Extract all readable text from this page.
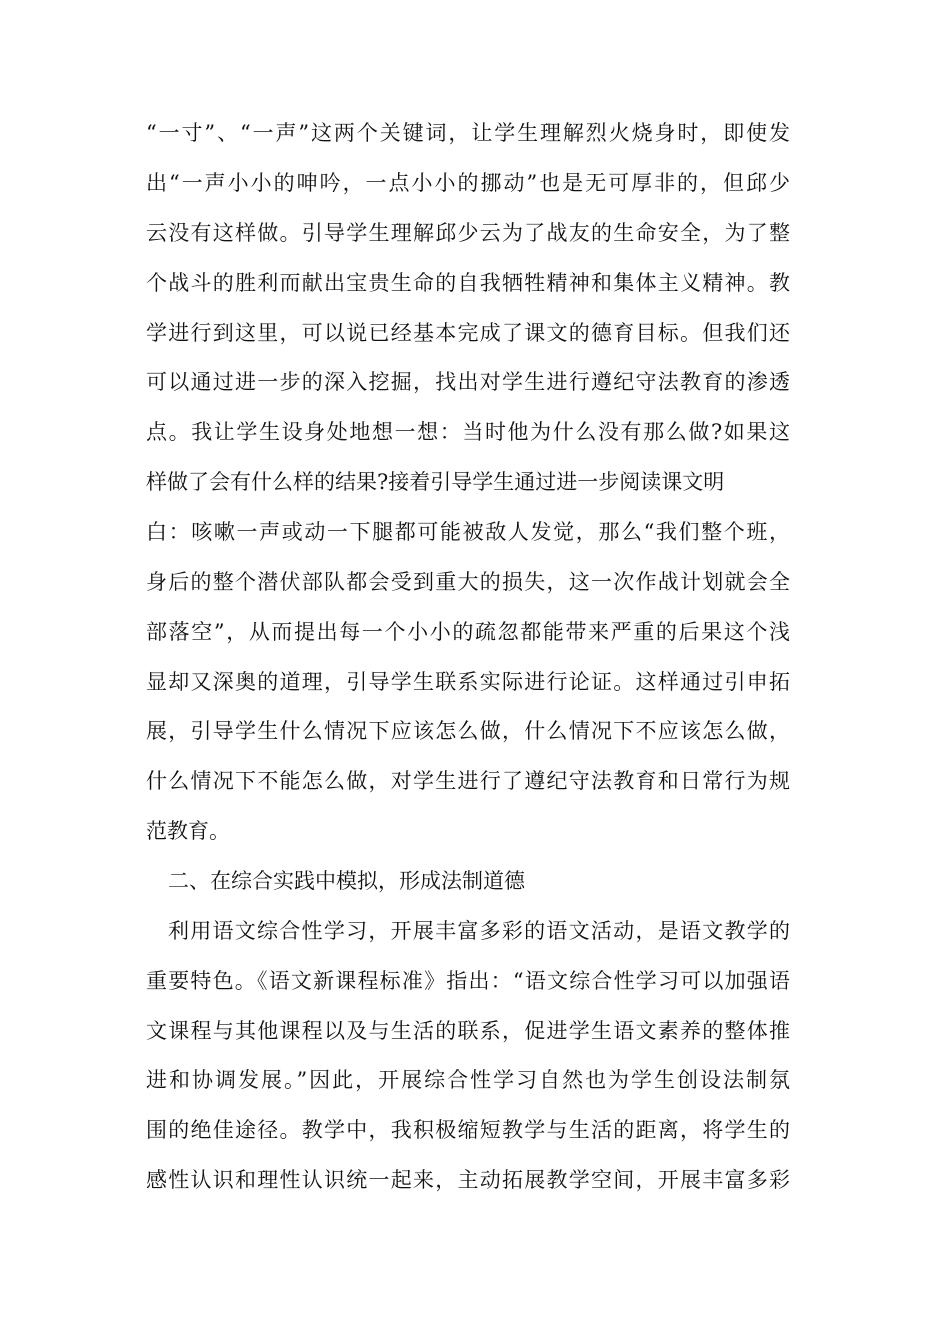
“一寸”、“一声”这两个关键词，让学生理解烈火烧身时，即使发
出“一声小小的呻吟，一点小小的挪动”也是无可厚非的，但邱少
云没有这样做。引导学生理解邱少云为了战友的生命安全，为了整
个战斗的胜利而献出宝贵生命的自我牺牲精神和集体主义精神。教
学进行到这里，可以说已经基本完成了课文的德育目标。但我们还
可以通过进一步的深入挖掘，找出对学生进行遵纪守法教育的渗透
点。我让学生设身处地想一想：当时他为什么没有那么做?如果这
样做了会有什么样的结果?接着引导学生通过进一步阅读课文明
白：咳嗽一声或动一下腿都可能被敌人发觉，那么“我们整个班，
身后的整个潜伏部队都会受到重大的损失，这一次作战计划就会全
部落空”，从而提出每一个小小的疏忽都能带来严重的后果这个浅
显却又深奥的道理，引导学生联系实际进行论证。这样通过引申拓
展，引导学生什么情况下应该怎么做，什么情况下不应该怎么做，
什么情况下不能怎么做，对学生进行了遵纪守法教育和日常行为规
范教育。
二、在综合实践中模拟，形成法制道德
利用语文综合性学习，开展丰富多彩的语文活动，是语文教学的
重要特色。《语文新课程标准》指出：“语文综合性学习可以加强语
文课程与其他课程以及与生活的联系，促进学生语文素养的整体推
进和协调发展。”因此，开展综合性学习自然也为学生创设法制氛
围的绝佳途径。教学中，我积极缩短教学与生活的距离，将学生的
感性认识和理性认识统一起来，主动拓展教学空间，开展丰富多彩
